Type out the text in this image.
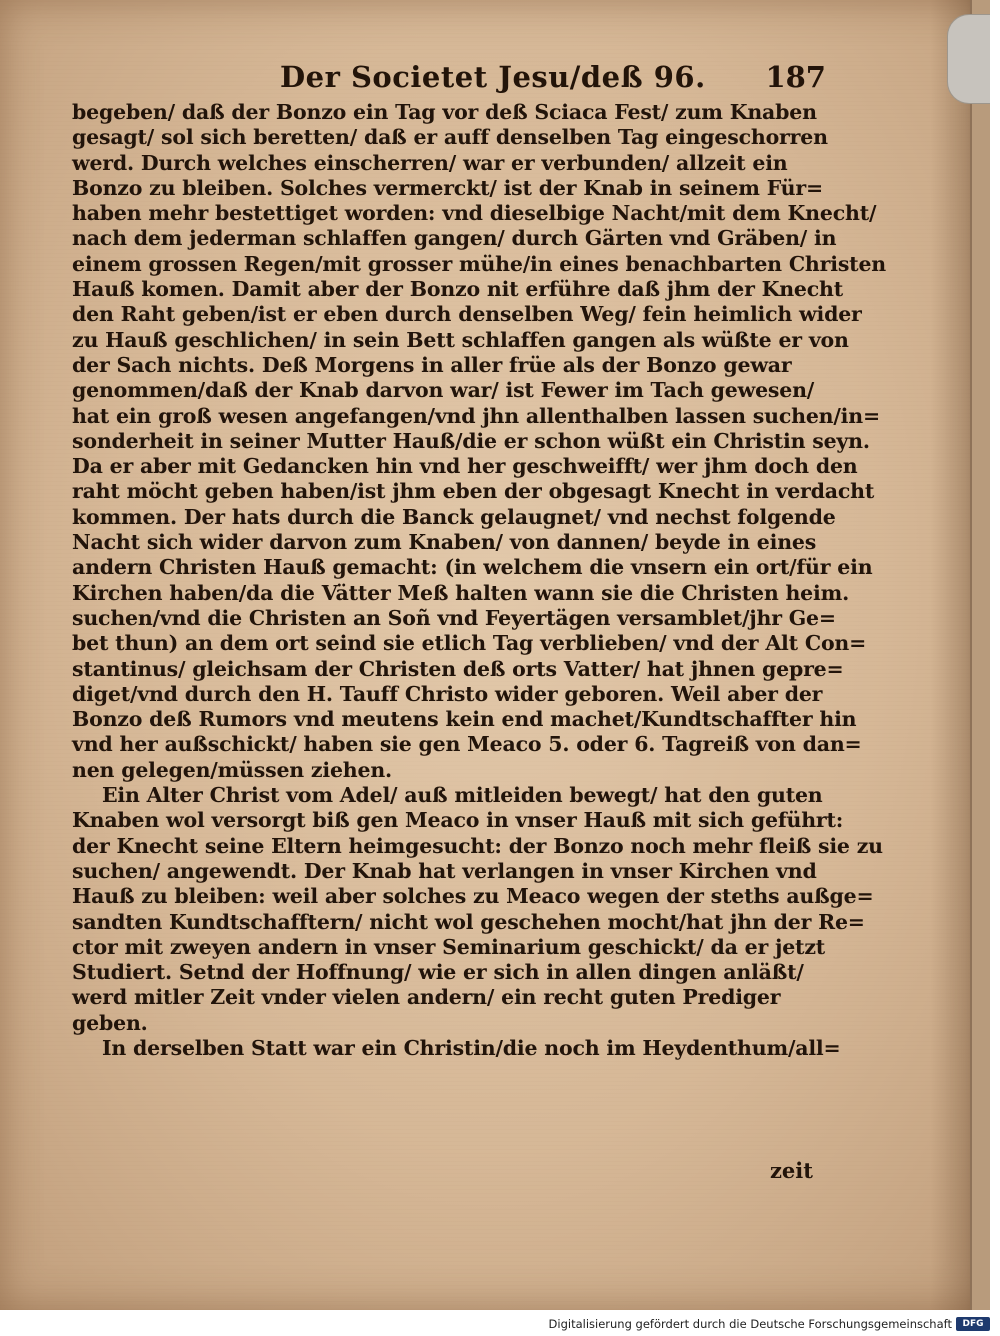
Der Societet Jesu/deß 96. 187
begeben/ daß der Bonzo ein Tag vor deß Sciaca Fest/ zum Knaben
gesagt/ sol sich beretten/ daß er auff denselben Tag eingeschorren
werd. Durch welches einscherren/ war er verbunden/ allzeit ein
Bonzo zu bleiben. Solches vermerckt/ ist der Knab in seinem Für=
haben mehr bestettiget worden: vnd dieselbige Nacht/mit dem Knecht/
nach dem jederman schlaffen gangen/ durch Gärten vnd Gräben/ in
einem grossen Regen/mit grosser mühe/in eines benachbarten Christen
Hauß komen. Damit aber der Bonzo nit erführe daß jhm der Knecht
den Raht geben/ist er eben durch denselben Weg/ fein heimlich wider
zu Hauß geschlichen/ in sein Bett schlaffen gangen als wüßte er von
der Sach nichts. Deß Morgens in aller früe als der Bonzo gewar
genommen/daß der Knab darvon war/ ist Fewer im Tach gewesen/
hat ein groß wesen angefangen/vnd jhn allenthalben lassen suchen/in=
sonderheit in seiner Mutter Hauß/die er schon wüßt ein Christin seyn.
Da er aber mit Gedancken hin vnd her geschweifft/ wer jhm doch den
raht möcht geben haben/ist jhm eben der obgesagt Knecht in verdacht
kommen. Der hats durch die Banck gelaugnet/ vnd nechst folgende
Nacht sich wider darvon zum Knaben/ von dannen/ beyde in eines
andern Christen Hauß gemacht: (in welchem die vnsern ein ort/für ein
Kirchen haben/da die Vätter Meß halten wann sie die Christen heim.
suchen/vnd die Christen an Soñ vnd Feyertägen versamblet/jhr Ge=
bet thun) an dem ort seind sie etlich Tag verblieben/ vnd der Alt Con=
stantinus/ gleichsam der Christen deß orts Vatter/ hat jhnen gepre=
diget/vnd durch den H. Tauff Christo wider geboren. Weil aber der
Bonzo deß Rumors vnd meutens kein end machet/Kundtschaffter hin
vnd her außschickt/ haben sie gen Meaco 5. oder 6. Tagreiß von dan=
nen gelegen/müssen ziehen.
Ein Alter Christ vom Adel/ auß mitleiden bewegt/ hat den guten
Knaben wol versorgt biß gen Meaco in vnser Hauß mit sich geführt:
der Knecht seine Eltern heimgesucht: der Bonzo noch mehr fleiß sie zu
suchen/ angewendt. Der Knab hat verlangen in vnser Kirchen vnd
Hauß zu bleiben: weil aber solches zu Meaco wegen der steths außge=
sandten Kundtschafftern/ nicht wol geschehen mocht/hat jhn der Re=
ctor mit zweyen andern in vnser Seminarium geschickt/ da er jetzt
Studiert. Setnd der Hoffnung/ wie er sich in allen dingen anläßt/
werd mitler Zeit vnder vielen andern/ ein recht guten Prediger
geben.
In derselben Statt war ein Christin/die noch im Heydenthum/all=
zeit
Digitalisierung gefördert durch die Deutsche Forschungsgemeinschaft	DFG
